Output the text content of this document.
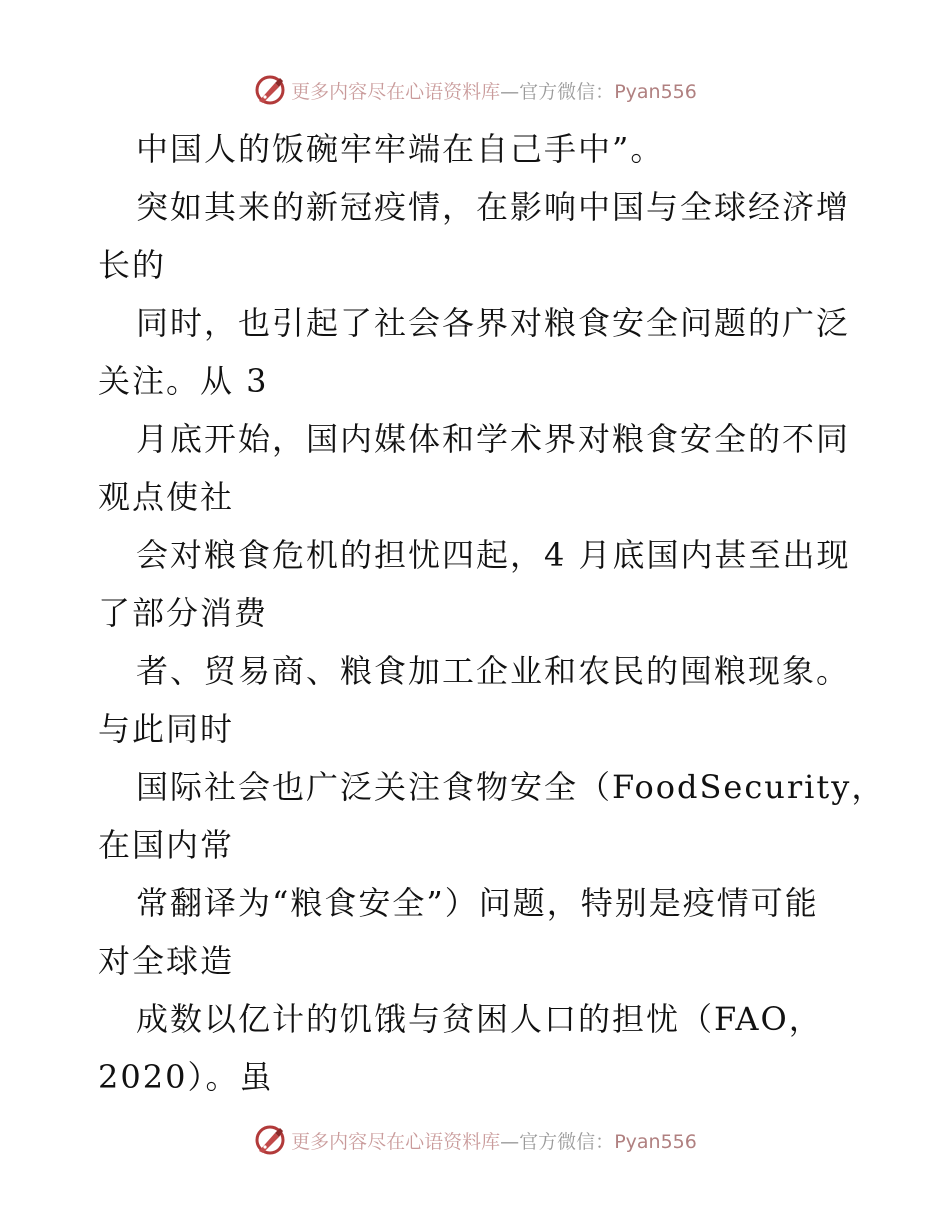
更多内容尽在心语资料库—官方微信：Pyan556
中国人的饭碗牢牢端在自己手中”。
突如其来的新冠疫情，在影响中国与全球经济增
长的
同时，也引起了社会各界对粮食安全问题的广泛
关注。从 3
月底开始，国内媒体和学术界对粮食安全的不同
观点使社
会对粮食危机的担忧四起，4 月底国内甚至出现
了部分消费
者、贸易商、粮食加工企业和农民的囤粮现象。
与此同时
国际社会也广泛关注食物安全（FoodSecurity，
在国内常
常翻译为“粮食安全”）问题，特别是疫情可能
对全球造
成数以亿计的饥饿与贫困人口的担忧（FAO，
2020）。虽
更多内容尽在心语资料库—官方微信：Pyan556
